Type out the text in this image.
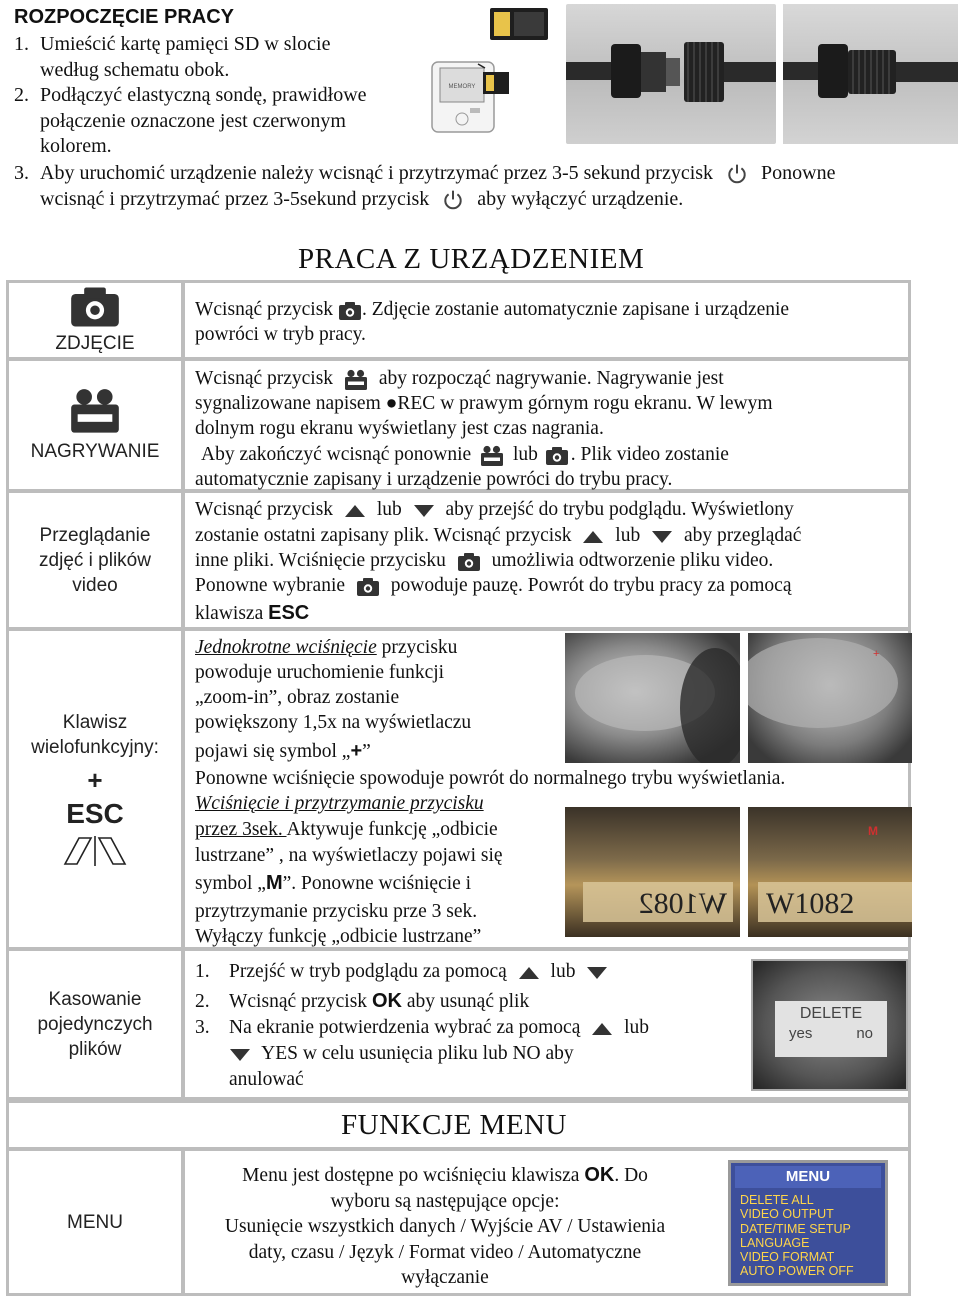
ROZPOCZĘCIE PRACY
1. Umieścić kartę pamięci SD w slocie
według schematu obok.
2. Podłączyć elastyczną sondę, prawidłowe
połączenie oznaczone jest czerwonym
kolorem.
3. Aby uruchomić urządzenie należy wcisnąć i przytrzymać przez 3-5 sekund przycisk Ponowne
wcisnąć i przytrzymać przez 3-5sekund przycisk aby wyłączyć urządzenie.
MEMORY
PRACA Z URZĄDZENIEM
ZDJĘCIE
Wcisnąć przycisk . Zdjęcie zostanie automatycznie zapisane i urządzenie
powróci w tryb pracy.
NAGRYWANIE
Wcisnąć przycisk aby rozpocząć nagrywanie. Nagrywanie jest
sygnalizowane napisem ●REC w prawym górnym rogu ekranu. W lewym
dolnym rogu ekranu wyświetlany jest czas nagrania.
Aby zakończyć wcisnąć ponownie lub . Plik video zostanie
automatycznie zapisany i urządzenie powróci do trybu pracy.
Przeglądanie
zdjęć i plików
video
Wcisnąć przycisk lub aby przejść do trybu podglądu. Wyświetlony
zostanie ostatni zapisany plik. Wcisnąć przycisk lub aby przeglądać
inne pliki. Wciśnięcie przycisku umożliwia odtworzenie pliku video.
Ponowne wybranie powoduje pauzę. Powrót do trybu pracy za pomocą
klawisza ESC
Klawisz
wielofunkcyjny:
+
ESC
Jednokrotne wciśnięcie przycisku
powoduje uruchomienie funkcji
„zoom-in”, obraz zostanie
powiększony 1,5x na wyświetlaczu
pojawi się symbol „+”
Ponowne wciśnięcie spowoduje powrót do normalnego trybu wyświetlania.
Wciśnięcie i przytrzymanie przycisku
przez 3sek. Aktywuje funkcję „odbicie
lustrzane” , na wyświetlaczy pojawi się
symbol „M”. Ponowne wciśnięcie i
przytrzymanie przycisku prze 3 sek.
Wyłączy funkcję „odbicie lustrzane”
+
W1082 W1082
M
Kasowanie
pojedynczych
plików
1. Przejść w tryb podglądu za pomocą lub
2. Wcisnąć przycisk OK aby usunąć plik
3. Na ekranie potwierdzenia wybrać za pomocą lub
YES w celu usunięcia pliku lub NO aby
anulować
DELETE
yes	no
FUNKCJE MENU
MENU
Menu jest dostępne po wciśnięciu klawisza OK. Do
wyboru są następujące opcje:
Usunięcie wszystkich danych / Wyjście AV / Ustawienia
daty, czasu / Język / Format video / Automatyczne
wyłączanie
MENU
DELETE ALL
VIDEO OUTPUT
DATE/TIME SETUP
LANGUAGE
VIDEO FORMAT
AUTO POWER OFF
